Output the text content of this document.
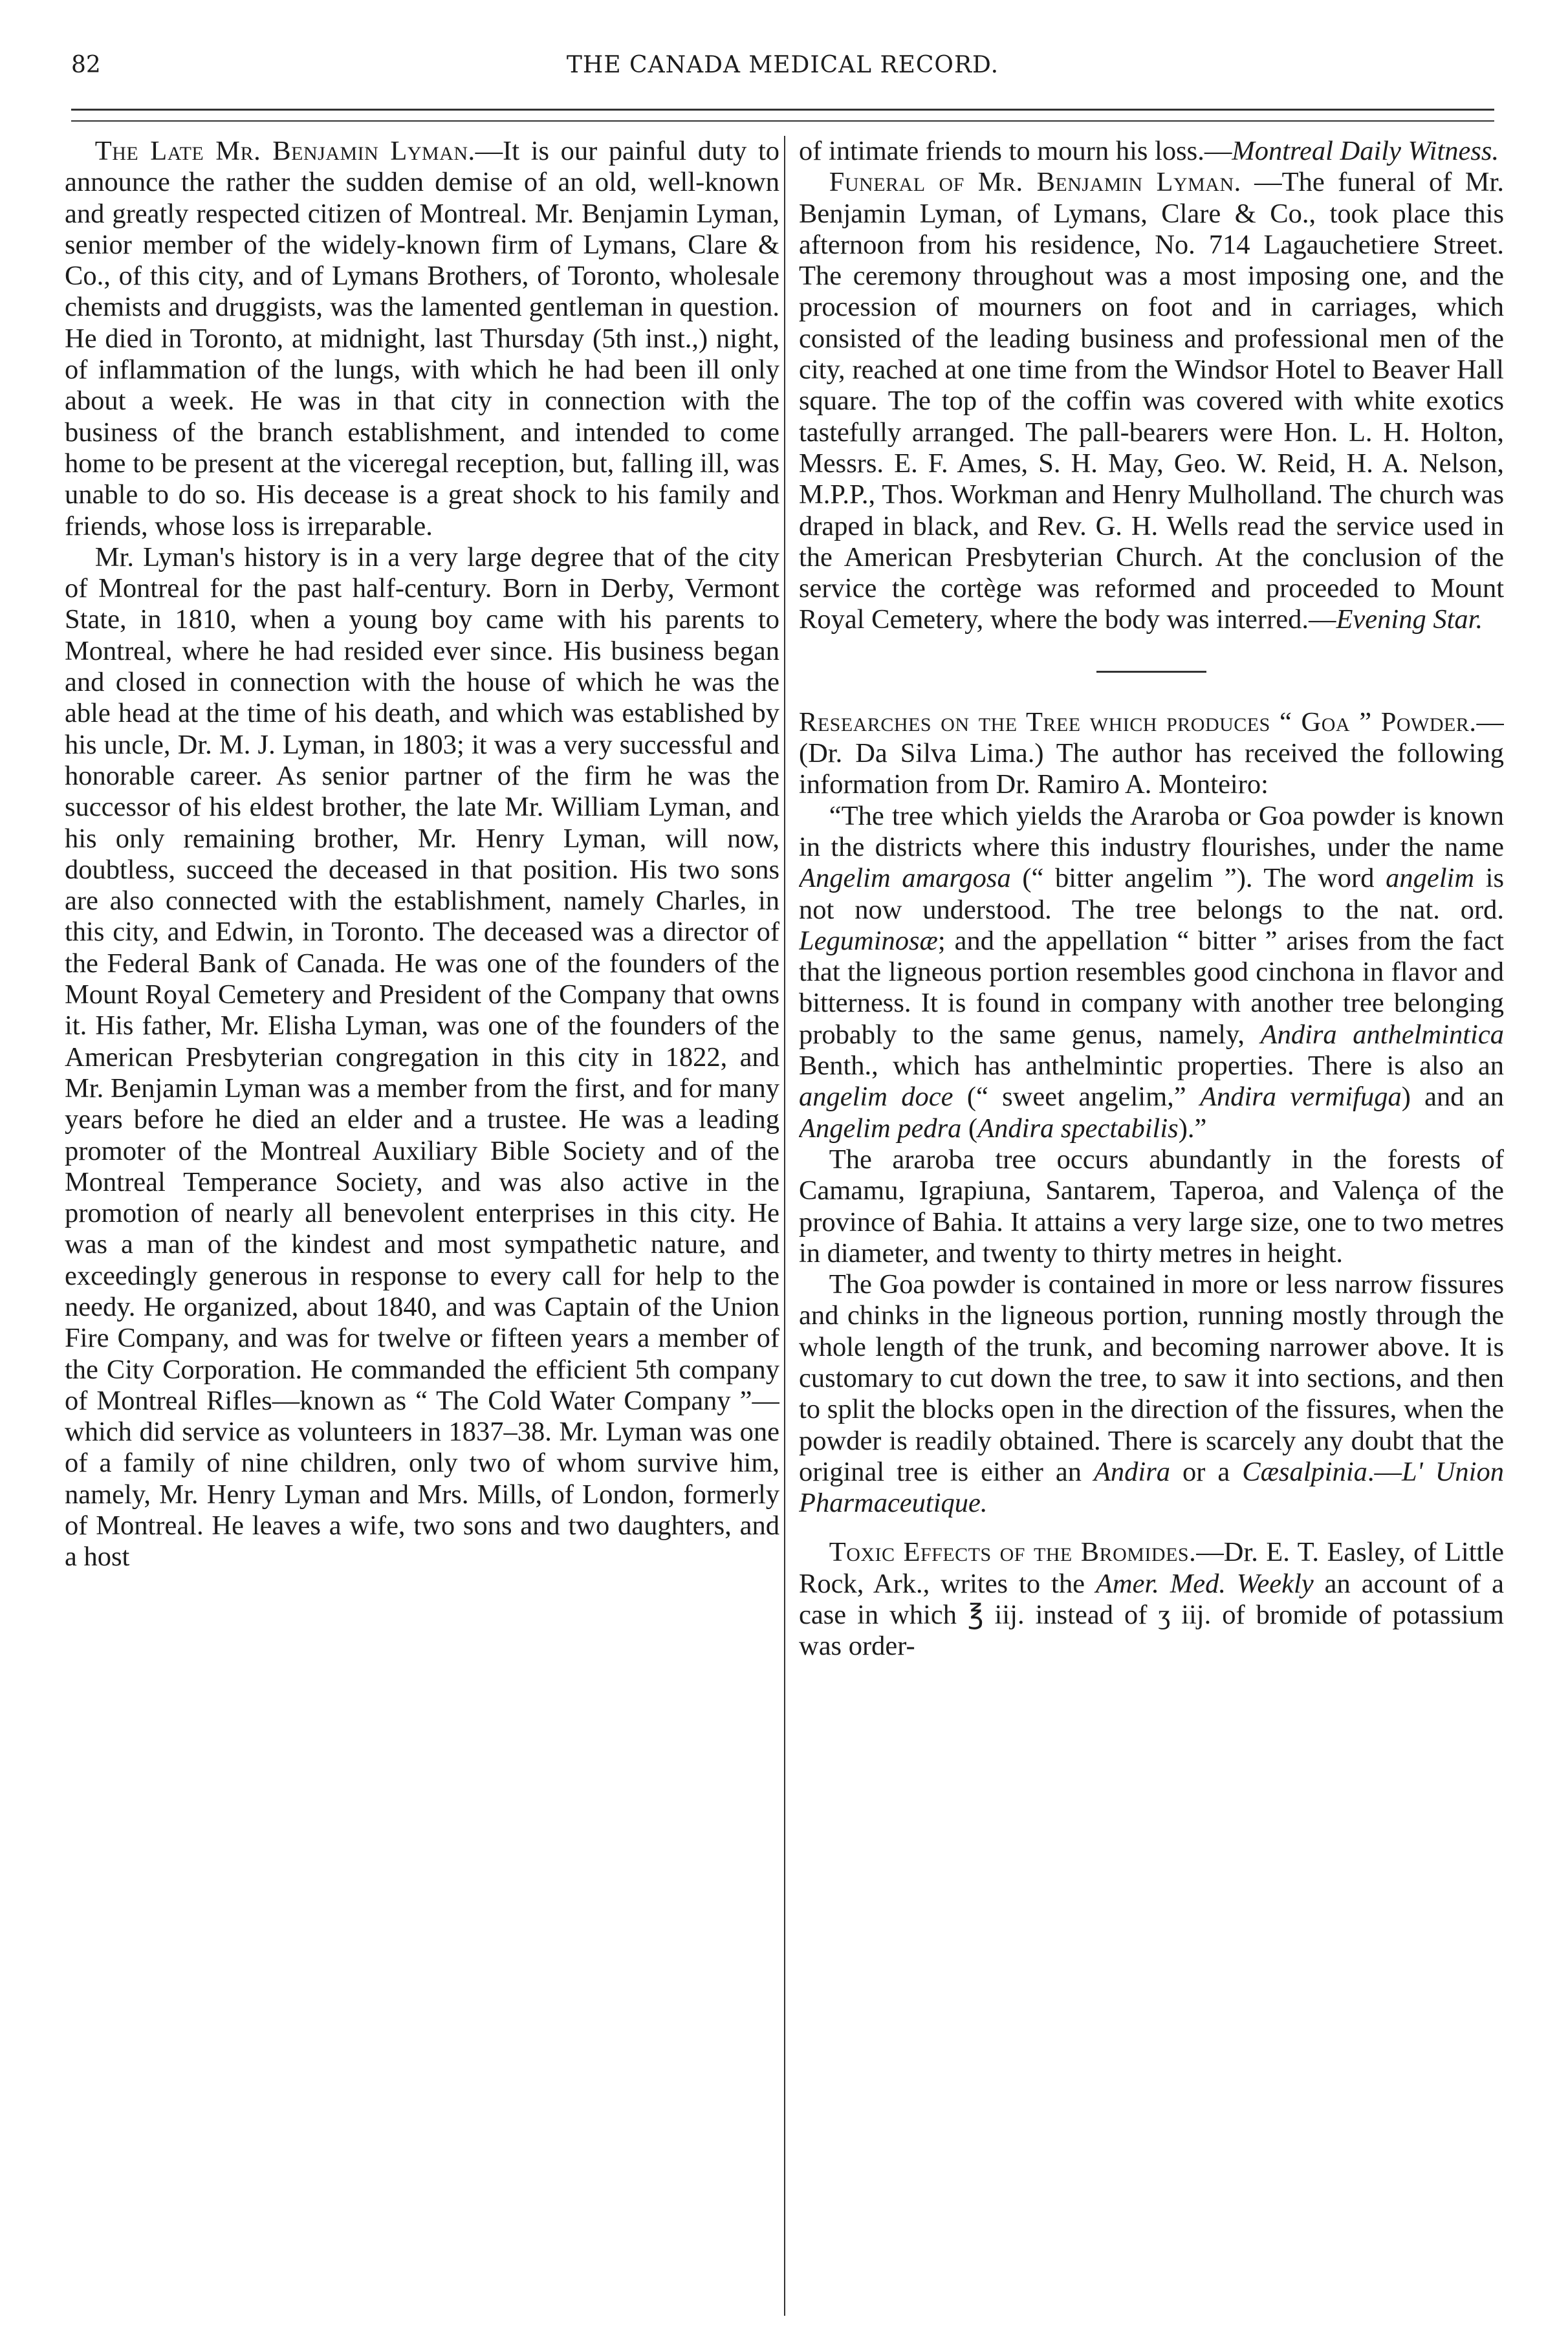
82	THE CANADA MEDICAL RECORD.

The Late Mr. Benjamin Lyman.—It is our painful duty to announce the rather the sudden demise of an old, well-known and greatly respected citizen of Montreal. Mr. Benjamin Lyman, senior member of the widely-known firm of Lymans, Clare & Co., of this city, and of Lymans Brothers, of Toronto, wholesale chemists and druggists, was the lamented gentleman in question. He died in Toronto, at midnight, last Thursday (5th inst.,) night, of inflammation of the lungs, with which he had been ill only about a week. He was in that city in connection with the business of the branch establishment, and intended to come home to be present at the viceregal reception, but, falling ill, was unable to do so. His decease is a great shock to his family and friends, whose loss is irreparable.

Mr. Lyman's history is in a very large degree that of the city of Montreal for the past half-century. Born in Derby, Vermont State, in 1810, when a young boy came with his parents to Montreal, where he had resided ever since. His business began and closed in connection with the house of which he was the able head at the time of his death, and which was established by his uncle, Dr. M. J. Lyman, in 1803; it was a very successful and honorable career. As senior partner of the firm he was the successor of his eldest brother, the late Mr. William Lyman, and his only remaining brother, Mr. Henry Lyman, will now, doubtless, succeed the deceased in that position. His two sons are also connected with the establishment, namely Charles, in this city, and Edwin, in Toronto. The deceased was a director of the Federal Bank of Canada. He was one of the founders of the Mount Royal Cemetery and President of the Company that owns it. His father, Mr. Elisha Lyman, was one of the founders of the American Presbyterian congregation in this city in 1822, and Mr. Benjamin Lyman was a member from the first, and for many years before he died an elder and a trustee. He was a leading promoter of the Montreal Auxiliary Bible Society and of the Montreal Temperance Society, and was also active in the promotion of nearly all benevolent enterprises in this city. He was a man of the kindest and most sympathetic nature, and exceedingly generous in response to every call for help to the needy. He organized, about 1840, and was Captain of the Union Fire Company, and was for twelve or fifteen years a member of the City Corporation. He commanded the efficient 5th company of Montreal Rifles—known as “ The Cold Water Company ”—which did service as volunteers in 1837–38. Mr. Lyman was one of a family of nine children, only two of whom survive him, namely, Mr. Henry Lyman and Mrs. Mills, of London, formerly of Montreal. He leaves a wife, two sons and two daughters, and a host

of intimate friends to mourn his loss.—Montreal Daily Witness.

Funeral of Mr. Benjamin Lyman. —The funeral of Mr. Benjamin Lyman, of Lymans, Clare & Co., took place this afternoon from his residence, No. 714 Lagauchetiere Street. The ceremony throughout was a most imposing one, and the procession of mourners on foot and in carriages, which consisted of the leading business and professional men of the city, reached at one time from the Windsor Hotel to Beaver Hall square. The top of the coffin was covered with white exotics tastefully arranged. The pall-bearers were Hon. L. H. Holton, Messrs. E. F. Ames, S. H. May, Geo. W. Reid, H. A. Nelson, M.P.P., Thos. Workman and Henry Mulholland. The church was draped in black, and Rev. G. H. Wells read the service used in the American Presbyterian Church. At the conclusion of the service the cortège was reformed and proceeded to Mount Royal Cemetery, where the body was interred.—Evening Star.

Researches on the Tree which produces “ Goa ” Powder.—(Dr. Da Silva Lima.) The author has received the following information from Dr. Ramiro A. Monteiro:

“The tree which yields the Araroba or Goa powder is known in the districts where this industry flourishes, under the name Angelim amargosa (“ bitter angelim ”). The word angelim is not now understood. The tree belongs to the nat. ord. Leguminosæ; and the appellation “ bitter ” arises from the fact that the ligneous portion resembles good cinchona in flavor and bitterness. It is found in company with another tree belonging probably to the same genus, namely, Andira anthelmintica Benth., which has anthelmintic properties. There is also an angelim doce (“ sweet angelim,” Andira vermifuga) and an Angelim pedra (Andira spectabilis).”

The araroba tree occurs abundantly in the forests of Camamu, Igrapiuna, Santarem, Taperoa, and Valença of the province of Bahia. It attains a very large size, one to two metres in diameter, and twenty to thirty metres in height.

The Goa powder is contained in more or less narrow fissures and chinks in the ligneous portion, running mostly through the whole length of the trunk, and becoming narrower above. It is customary to cut down the tree, to saw it into sections, and then to split the blocks open in the direction of the fissures, when the powder is readily obtained. There is scarcely any doubt that the original tree is either an Andira or a Cæsalpinia.—L' Union Pharmaceutique.

Toxic Effects of the Bromides.—Dr. E. T. Easley, of Little Rock, Ark., writes to the Amer. Med. Weekly an account of a case in which ℥ iij. instead of ʒ iij. of bromide of potassium was order-
